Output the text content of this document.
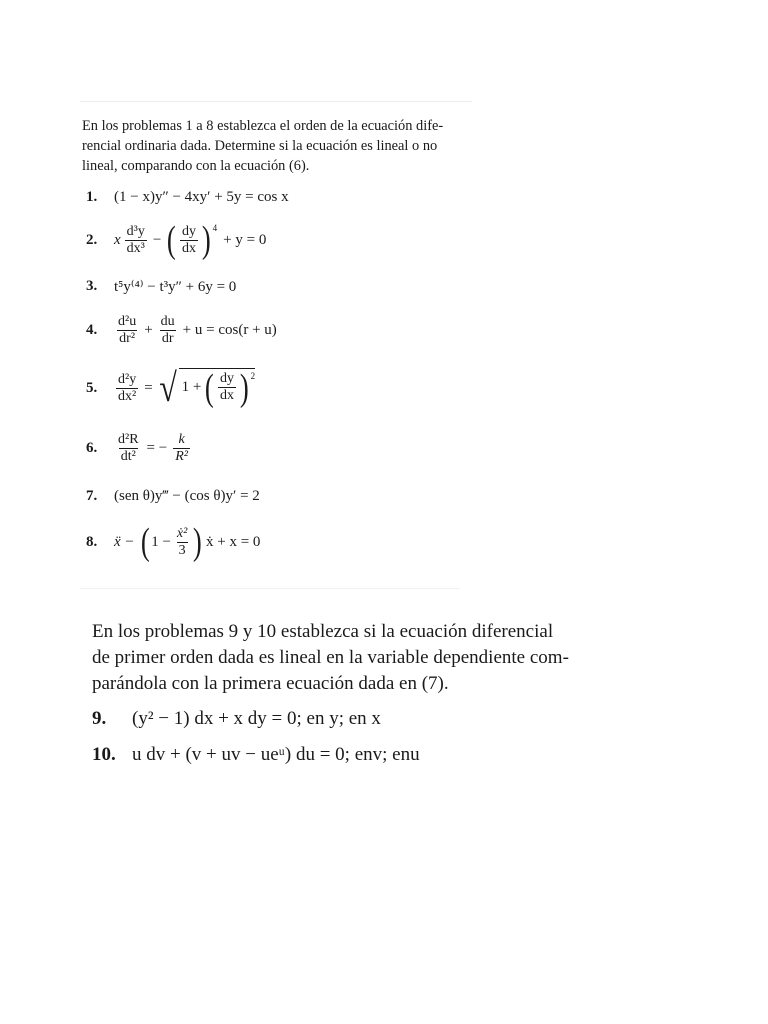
En los problemas 1 a 8 establezca el orden de la ecuación dife-
rencial ordinaria dada. Determine si la ecuación es lineal o no
lineal, comparando con la ecuación (6).
1.	(1 − x)y″ − 4xy′ + 5y = cos x
2.	x $\frac{\text{d³y}}{\text{dx³}}$ − ( $\frac{dy}{dx} )^4$
+ y = 0
3.	t⁵y⁽⁴⁾ − t³y″ + 6y = 0
4.	$\frac{\text{d²u}}{\text{dr²}} + \frac{du}{dr} + u = \cos(r + u)$
5.	$\frac{\text{d²y}}{\text{dx²}}$ = √ 1 + ( $\frac{dy}{dx} )^2$
6.	$\frac{\text{d²R}}{\text{dt²}}$ = − $\frac{k}{\text{R²}}$
7.	(sen θ)y‴ − (cos θ)y′ = 2
8.	ẍ − ( $1 - \frac{\text{ẋ²}}{3}$ ) ẋ + x = 0
En los problemas 9 y 10 establezca si la ecuación diferencial
de primer orden dada es lineal en la variable dependiente com-
parándola con la primera ecuación dada en (7).
9.	(y² − 1) dx + x dy = 0; en y; en x
10. u dv + (v + uv − ueᵘ) du = 0; env; enu
